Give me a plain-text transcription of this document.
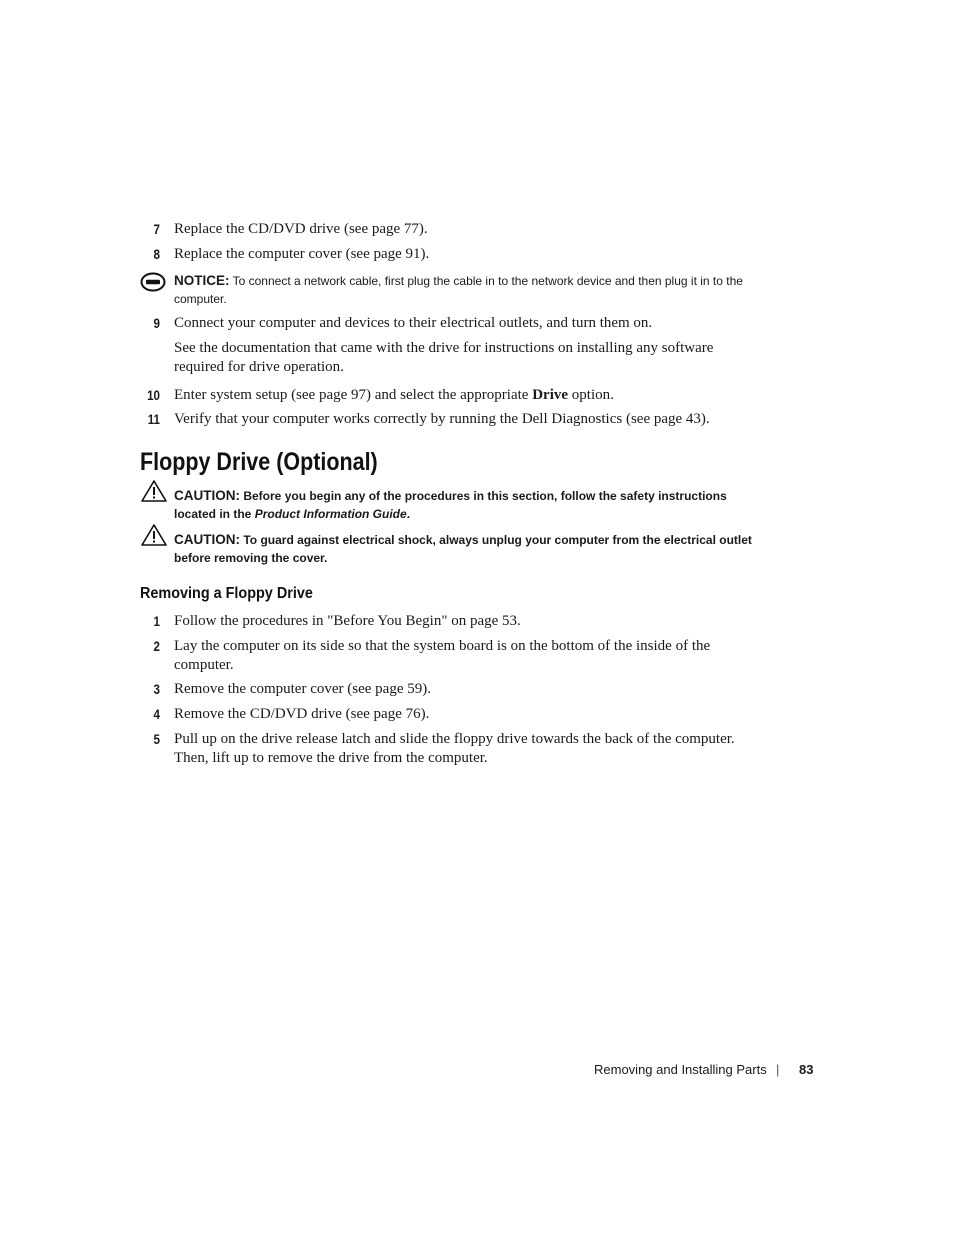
7 Replace the CD/DVD drive (see page 77).
8 Replace the computer cover (see page 91).
NOTICE: To connect a network cable, first plug the cable in to the network device and then plug it in to the computer.
9 Connect your computer and devices to their electrical outlets, and turn them on.
See the documentation that came with the drive for instructions on installing any software required for drive operation.
10 Enter system setup (see page 97) and select the appropriate Drive option.
11 Verify that your computer works correctly by running the Dell Diagnostics (see page 43).
Floppy Drive (Optional)
CAUTION: Before you begin any of the procedures in this section, follow the safety instructions located in the Product Information Guide.
CAUTION: To guard against electrical shock, always unplug your computer from the electrical outlet before removing the cover.
Removing a Floppy Drive
1 Follow the procedures in "Before You Begin" on page 53.
2 Lay the computer on its side so that the system board is on the bottom of the inside of the computer.
3 Remove the computer cover (see page 59).
4 Remove the CD/DVD drive (see page 76).
5 Pull up on the drive release latch and slide the floppy drive towards the back of the computer. Then, lift up to remove the drive from the computer.
Removing and Installing Parts | 83
